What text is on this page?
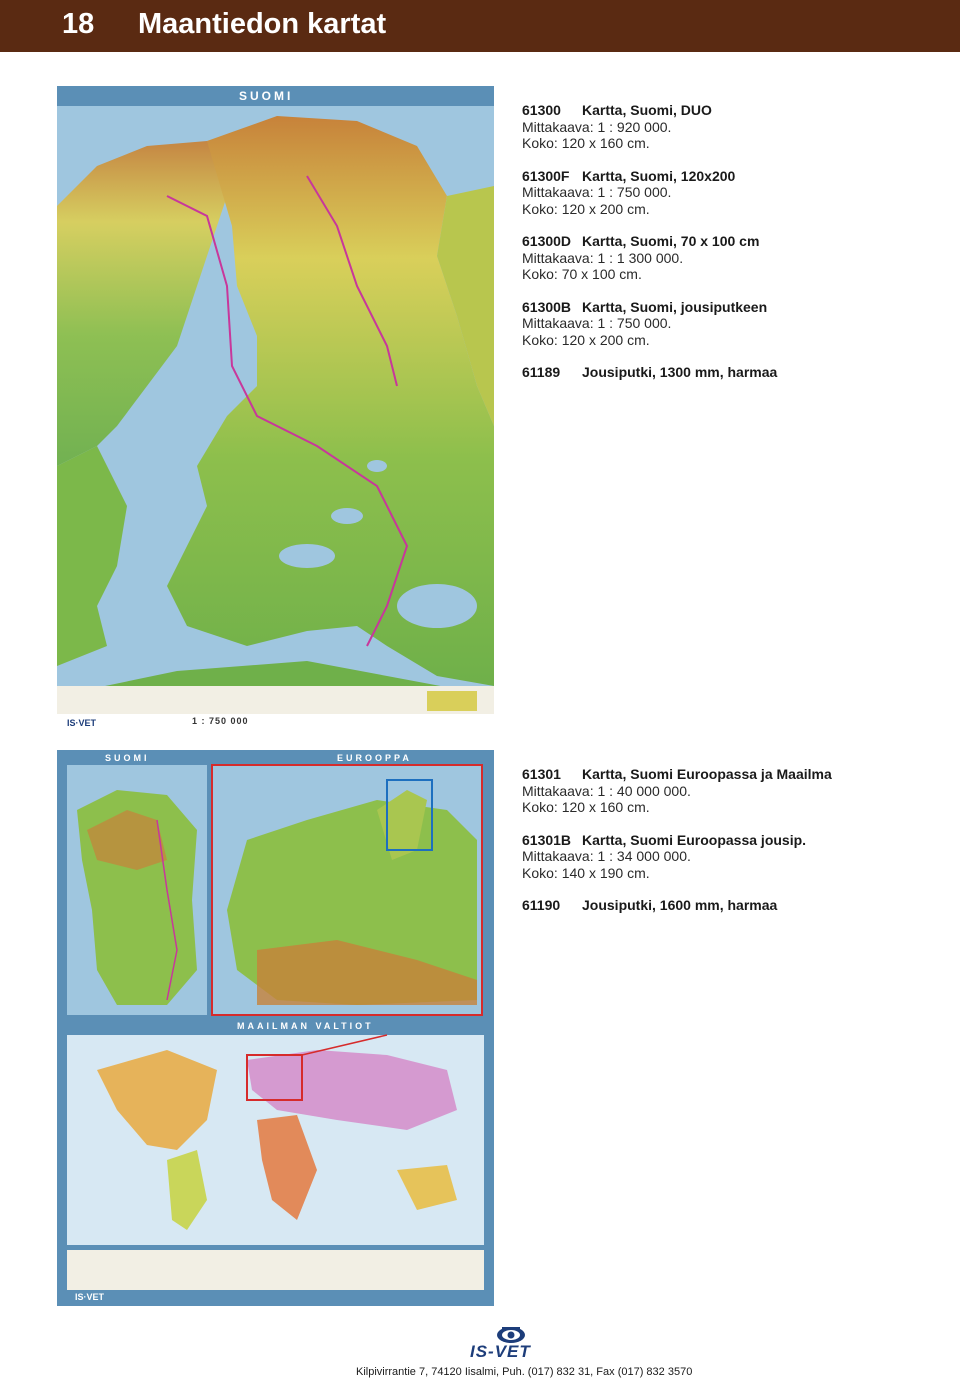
18 Maantiedon kartat
IS·VET
SUOMI
1 : 750 000
61300 Kartta, Suomi, DUO
Mittakaava: 1 : 920 000.
Koko: 120 x 160 cm.
61300F Kartta, Suomi, 120x200
Mittakaava: 1 : 750 000.
Koko: 120 x 200 cm.
61300D Kartta, Suomi, 70 x 100 cm
Mittakaava: 1 : 1 300 000.
Koko: 70 x 100 cm.
61300B Kartta, Suomi, jousiputkeen
Mittakaava: 1 : 750 000.
Koko: 120 x 200 cm.
61189 Jousiputki, 1300 mm, harmaa
IS·VET
SUOMI	EUROOPPA
MAAILMAN VALTIOT
61301 Kartta, Suomi Euroopassa ja Maailma
Mittakaava: 1 : 40 000 000.
Koko: 120 x 160 cm.
61301B Kartta, Suomi Euroopassa jousip.
Mittakaava: 1 : 34 000 000.
Koko: 140 x 190 cm.
61190 Jousiputki, 1600 mm, harmaa
IS-VET
Kilpivirrantie 7, 74120 Iisalmi, Puh. (017) 832 31, Fax (017) 832 3570
